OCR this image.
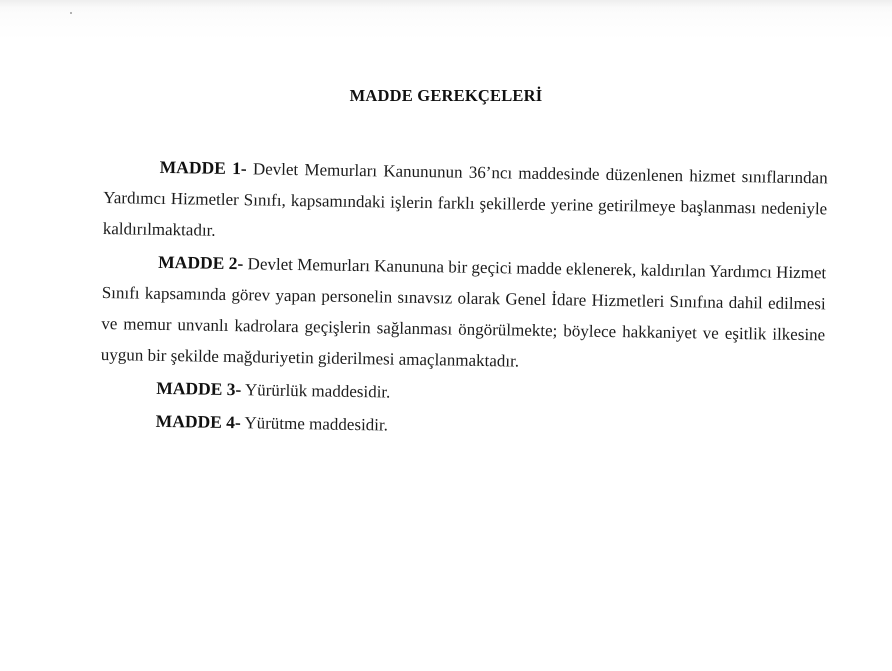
MADDE GEREKÇELERİ

MADDE 1- Devlet Memurları Kanununun 36’ncı maddesinde düzenlenen hizmet sınıflarından Yardımcı Hizmetler Sınıfı, kapsamındaki işlerin farklı şekillerde yerine getirilmeye başlanması nedeniyle kaldırılmaktadır.

MADDE 2- Devlet Memurları Kanununa bir geçici madde eklenerek, kaldırılan Yardımcı Hizmet Sınıfı kapsamında görev yapan personelin sınavsız olarak Genel İdare Hizmetleri Sınıfına dahil edilmesi ve memur unvanlı kadrolara geçişlerin sağlanması öngörülmekte; böylece hakkaniyet ve eşitlik ilkesine uygun bir şekilde mağduriyetin giderilmesi amaçlanmaktadır.

MADDE 3- Yürürlük maddesidir.

MADDE 4- Yürütme maddesidir.
